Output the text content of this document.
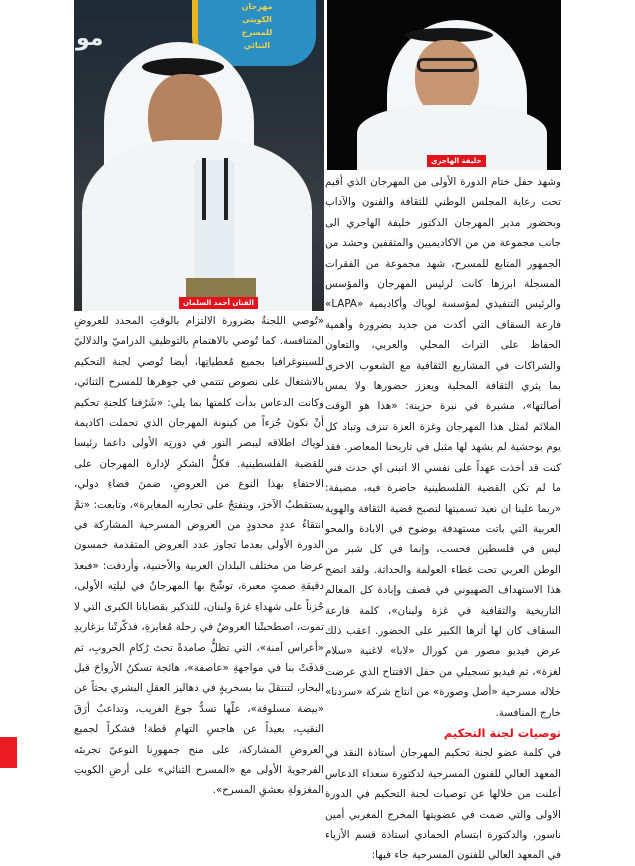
مو
مهرجان
الكويتي
للمسرح
الثنائي
الفنان أحمد السلمان
خليفة الهاجري

وشهد حفل ختام الدورة الأولى من المهرجان الذي أقيم تحت رعاية المجلس الوطني للثقافة والفنون والآداب وبحضور مدير المهرجان الدكتور خليفة الهاجري الى جانب مجموعة من من الاكاديميين والمثقفين وحشد من الجمهور المتابع للمسرح، شهد مجموعة من الفقرات المسجلة ابرزها كانت لرئيس المهرجان والمؤسس والرئيس التنفيذي لمؤسسة لوياك وأكاديمية «LAPA» فارعة السقاف التي أكدت من جديد بضرورة وأهمية الحفاظ على التراث المحلي والعربي، والتعاون والشراكات في المشاريع الثقافية مع الشعوب الاخرى بما يثري الثقافة المحلية ويعزز حضورها ولا يمس أصالتها»، مشيرة في نبرة حزينة: «هذا هو الوقت الملائم لمثل هذا المهرجان وغزة العزة تنزف وتباد كل يوم بوحشية لم يشهد لها مثيل في تاريخنا المعاصر. فقد كنت قد أخذت عهداً على نفسي الا اتبنى اي حدث فني ما لم تكن القضية الفلسطينية حاضرة فيه، مضيفة: «ربما علينا ان نعيد تسميتها لتصبح قضية الثقافة والهوية العربية التي باتت مستهدفة بوضوح في الابادة والمحو ليس في فلسطين فحسب، وإنما في كل شبر من الوطن العربي تحت غطاء العولمة والحداثة. ولقد اتضح هذا الاستهداف الصهيوني في قصف وإبادة كل المعالم التاريخية والثقافية في غزة ولبنان»، كلمة فارعة السقاف كان لها أثرها الكبير على الحضور. اعقب ذلك عرض فيديو مصور من كورال «لابا» لاغنية «سلام لغزة»، ثم فيديو تسجيلي من حفل الافتتاح الذي عرضت خلاله مسرحية «أصل وصورة» من انتاج شركة «سردنا» خارج المنافسة.

توصيات لجنة التحكيم

في كلمة عضو لجنة تحكيم المهرجان أستاذة النقد في المعهد العالي للفنون المسرحية لدكتورة سعداء الدعاس أعلنت من خلالها عن توصيات لجنة التحكيم في الدورة الاولى والتي ضمت في عضويتها المخرج المغربي أمين ناسور، والدكتورة ابتسام الحمادي استاذة قسم الأزياء في المعهد العالي للفنون المسرحية جاء فيها:

«تُوصي اللجنةُ بضرورة الالتزام بالوقتِ المحدد للعروضِ المتنافسة. كما تُوصي بالاهتمامِ بالتوظيفِ الدراميّ والدلاليّ للسينوغرافيا بجميع مُعطياتِها، أيضا تُوصي لجنة التحكيم بالاشتغال على نصوص تنتمي في جوهرها للمسرح الثنائي، وكانت الدعاس بدأت كلمتها بما يلي: «شَرُفنا كلجنةِ تحكيم أنْ نكونَ جُزءاً من كينونة المهرجان الذي تحملت اكاديمة لوياك اطلاقه ليبصر النور في دورتِه الأولى داعما رئيسا للقضية الفلسطينية. فكلُّ الشكرِ لإدارة المهرجان على الاحتفاءِ بهذا النوع من العروضِ، ضمنَ فضاءِ دولي، يستقطبُ الآخرَ، وينفتحُ على تجاربِه المغايرة»، وتابعت: «تمَّ انتقاءُ عددٍ محدودٍ من العروض المسرحية المشاركة في الدورة الأولى بعدما تجاوز عدد العروض المتقدمة خمسون عرضا من مختلف البلدان العربية والأجنبية، وأردفت: «فبعدَ دقيقةِ صمتٍ معبرة، توشّحَ بها المهرجانُ في ليلتِه الأولى، حُزناً على شهداءِ غزةَ ولبنان، للتذكير بقضايانا الكبرى التي لا تموت، اصطحبتْنا العروضُ في رحلة مُغايرةِ، فذكّرتْنا بزغاريدِ «أعراس آمنة»، التي تظلُّ صامدةً تحتَ رُكامِ الحروبِ، ثم قذفَتْ بنا في مواجهةِ «عاصفة»، هائجة تسكنُ الأرواحَ قبل البحار، لتنتقلَ بنا بسخريةٍ في دهاليز العقلِ البشري بحثاً عن «بيضة مسلوقة»، علّها تسدُّ جوعَ الغريب، وتداعبُ أرَقَ النقيبِ، بعيداً عن هاجسِ التهامِ قطة! فشكراً لجميع العروضِ المشاركة، على منح جمهورِنا النوعيّ تجربتَه الفرجويةَ الأولى مع «المسرح الثنائي» على أرضِ الكويتِ المغزولةِ بعشقِ المسرح».
